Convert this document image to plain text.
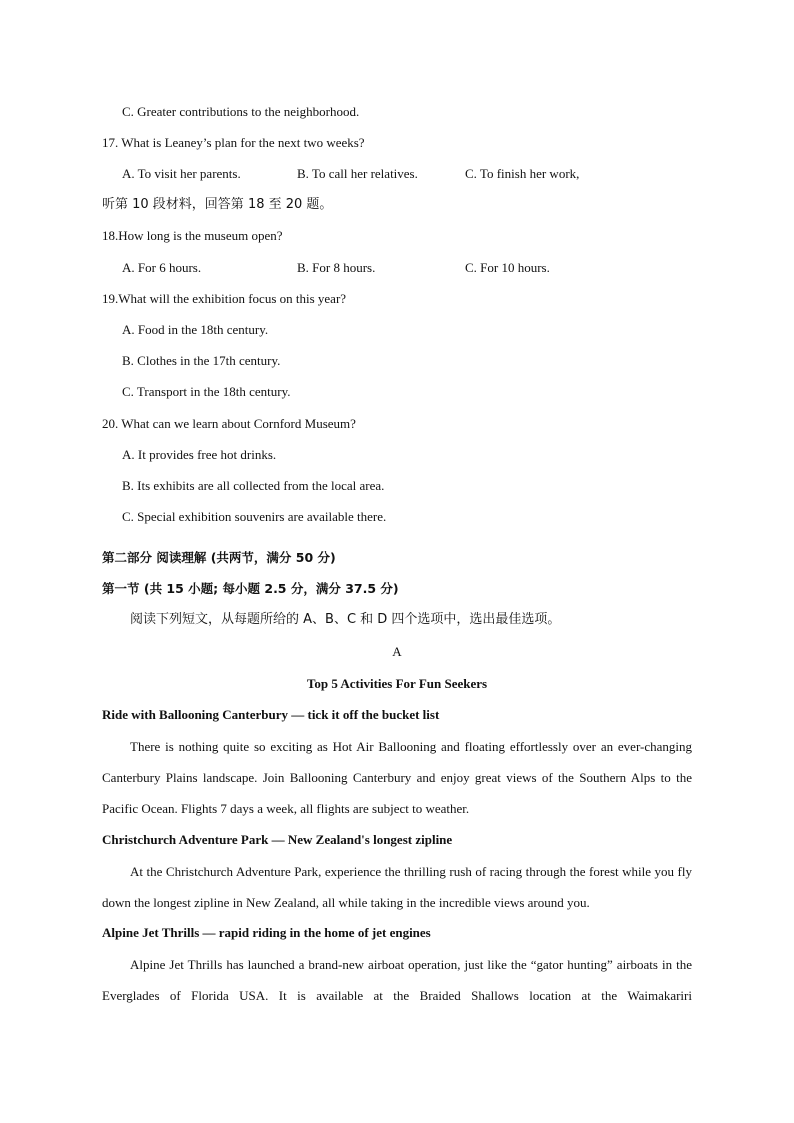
C. Greater contributions to the neighborhood.
17. What is Leaney’s plan for the next two weeks?
A. To visit her parents.	B. To call her relatives.	C. To finish her work,
听第 10 段材料，回答第 18 至 20 题。
18.How long is the museum open?
A. For 6 hours.	B. For 8 hours.	C. For 10 hours.
19.What will the exhibition focus on this year?
A. Food in the 18th century.
B. Clothes in the 17th century.
C. Transport in the 18th century.
20. What can we learn about Cornford Museum?
A. It provides free hot drinks.
B. Its exhibits are all collected from the local area.
C. Special exhibition souvenirs are available there.
第二部分 阅读理解 (共两节，满分 50 分)
第一节 (共 15 小题; 每小题 2.5 分，满分 37.5 分)
阅读下列短文，从每题所给的 A、B、C 和 D 四个选项中，选出最佳选项。
A
Top 5 Activities For Fun Seekers
Ride with Ballooning Canterbury — tick it off the bucket list
There is nothing quite so exciting as Hot Air Ballooning and floating effortlessly over an ever-changing Canterbury Plains landscape. Join Ballooning Canterbury and enjoy great views of the Southern Alps to the Pacific Ocean. Flights 7 days a week, all flights are subject to weather.
Christchurch Adventure Park — New Zealand's longest zipline
At the Christchurch Adventure Park, experience the thrilling rush of racing through the forest while you fly down the longest zipline in New Zealand, all while taking in the incredible views around you.
Alpine Jet Thrills — rapid riding in the home of jet engines
Alpine Jet Thrills has launched a brand-new airboat operation, just like the “gator hunting” airboats in the Everglades of Florida USA. It is available at the Braided Shallows location at the Waimakariri
